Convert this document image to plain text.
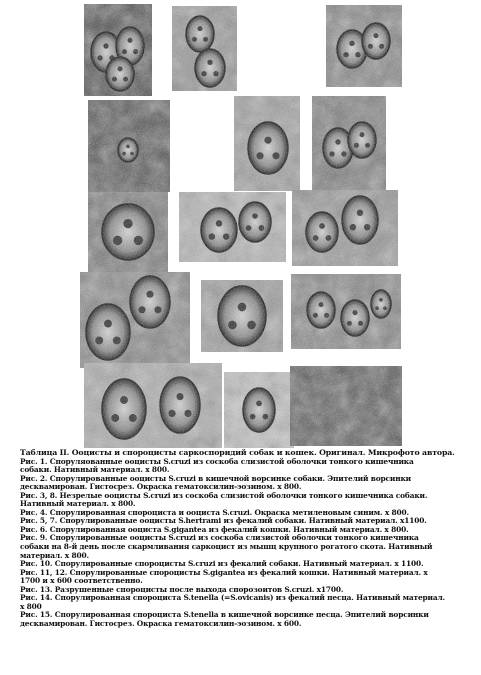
Таблица II. Ооцисты и спороцисты саркоспоридий собак и кошек. Оригинал. Микрофото автора.
Рис. 1. Споруляованные ооцисты S.cruzi из соскоба слизистой оболочки тонкого кишечника
собаки. Нативный материал. х 800.
Рис. 2. Спорулированные ооцисты S.cruzi в кишечной ворсинке собаки. Эпителий ворсинки
десквамирован. Гистосрез. Окраска гематоксилин-эозином. х 800.
Рис. 3, 8. Незрелые ооцисты S.cruzi из соскоба слизистой оболочки тонкого кишечника собаки.
Нативный материал. х 800.
Рис. 4. Спорулированная спороциста и ооциста S.cruzi. Окраска метиленовым синим. х 800.
Рис. 5, 7. Спорулированные ооцисты S.hertrami из фекалий собаки. Нативный материал. х1100.
Рис. 6. Спорулированная ооциста S.gigantea из фекалий кошки. Нативный материал. х 800.
Рис. 9. Спорулированные ооцисты S.cruzi из соскоба слизистой оболочки тонкого кишечника
собаки на 8-й день после скармливания саркоцист из мышц крупного рогатого скота. Нативный
материал. х 800.
Рис. 10. Спорулированные спороцисты S.cruzi из фекалий собаки. Нативный материал. х 1100.
Рис. 11, 12. Спорулированные спороцисты S.gigantea из фекалий кошки. Нативный материал. х
1700 и х 600 соответственно.
Рис. 13. Разрушенные спороцисты после выхода спорозоитов S.cruzi. х1700.
Рис. 14. Спорулированная спороциста S.tenella (=S.ovicanis) из фекалий песца. Нативный материал.
х 800
Рис. 15. Спорулированная спороциста S.tenella в кишечной ворсинке песца. Эпителий ворсинки
десквамирован. Гистосрез. Окраска гематоксилин-эозином. х 600.
